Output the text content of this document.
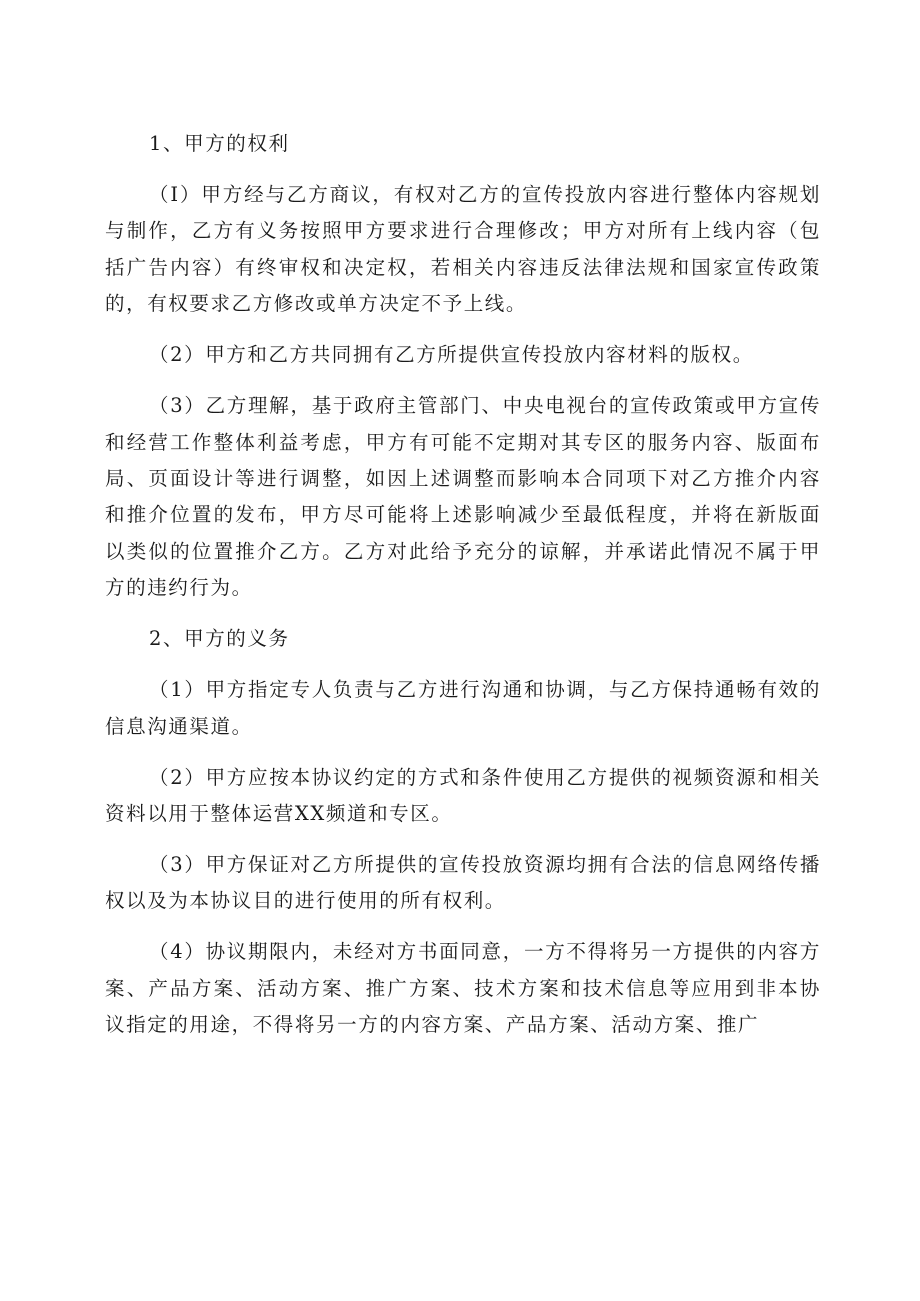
1、甲方的权利

（I）甲方经与乙方商议，有权对乙方的宣传投放内容进行整体内容规划与制作，乙方有义务按照甲方要求进行合理修改；甲方对所有上线内容（包括广告内容）有终审权和决定权，若相关内容违反法律法规和国家宣传政策的，有权要求乙方修改或单方决定不予上线。

（2）甲方和乙方共同拥有乙方所提供宣传投放内容材料的版权。

（3）乙方理解，基于政府主管部门、中央电视台的宣传政策或甲方宣传和经营工作整体利益考虑，甲方有可能不定期对其专区的服务内容、版面布局、页面设计等进行调整，如因上述调整而影响本合同项下对乙方推介内容和推介位置的发布，甲方尽可能将上述影响减少至最低程度，并将在新版面以类似的位置推介乙方。乙方对此给予充分的谅解，并承诺此情况不属于甲方的违约行为。

2、甲方的义务

（1）甲方指定专人负责与乙方进行沟通和协调，与乙方保持通畅有效的信息沟通渠道。

（2）甲方应按本协议约定的方式和条件使用乙方提供的视频资源和相关资料以用于整体运营XX频道和专区。

（3）甲方保证对乙方所提供的宣传投放资源均拥有合法的信息网络传播权以及为本协议目的进行使用的所有权利。

（4）协议期限内，未经对方书面同意，一方不得将另一方提供的内容方案、产品方案、活动方案、推广方案、技术方案和技术信息等应用到非本协议指定的用途，不得将另一方的内容方案、产品方案、活动方案、推广
